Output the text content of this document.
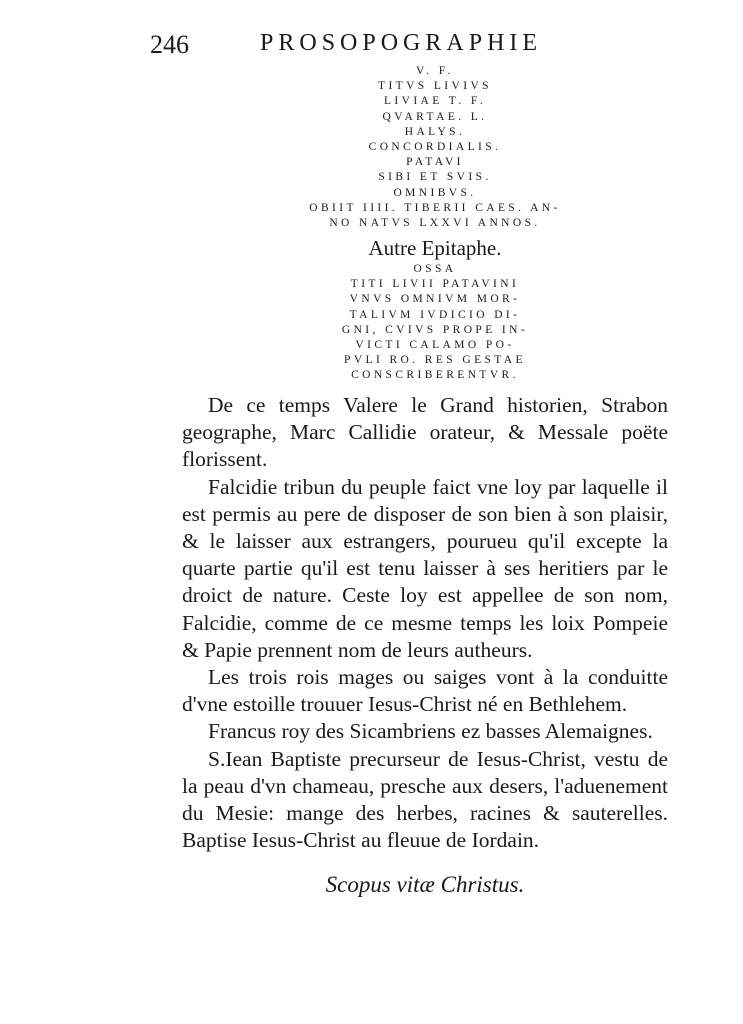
246	PROSOPOGRAPHIE
V. F.
TITVS LIVIVS
LIVIAE T. F.
QVARTAE. L.
HALYS.
CONCORDIALIS.
PATAVI
SIBI ET SVIS.
OMNIBVS.
OBIIT IIII. TIBERII CAES. AN-
NO NATVS LXXVI ANNOS.
Autre Epitaphe.
OSSA
TITI LIVII PATAVINI
VNVS OMNIVM MOR-
TALIVM IVDICIO DI-
GNI, CVIVS PROPE IN-
VICTI CALAMO PO-
PVLI RO. RES GESTAE
CONSCRIBERENTVR.

De ce temps Valere le Grand historien, Strabon geographe, Marc Callidie orateur, & Messale poëte florissent.

Falcidie tribun du peuple faict vne loy par laquelle il est permis au pere de disposer de son bien à son plaisir, & le laisser aux estrangers, pourueu qu'il excepte la quarte partie qu'il est tenu laisser à ses heritiers par le droict de nature. Ceste loy est appellee de son nom, Falcidie, comme de ce mesme temps les loix Pompeie & Papie prennent nom de leurs autheurs.

Les trois rois mages ou saiges vont à la conduitte d'vne estoille trouuer Iesus-Christ né en Bethlehem.

Francus roy des Sicambriens ez basses Alemaignes.

S.Iean Baptiste precurseur de Iesus-Christ, vestu de la peau d'vn chameau, presche aux desers, l'aduenement du Mesie: mange des herbes, racines & sauterelles. Baptise Iesus-Christ au fleuue de Iordain.

Scopus vitæ Christus.
